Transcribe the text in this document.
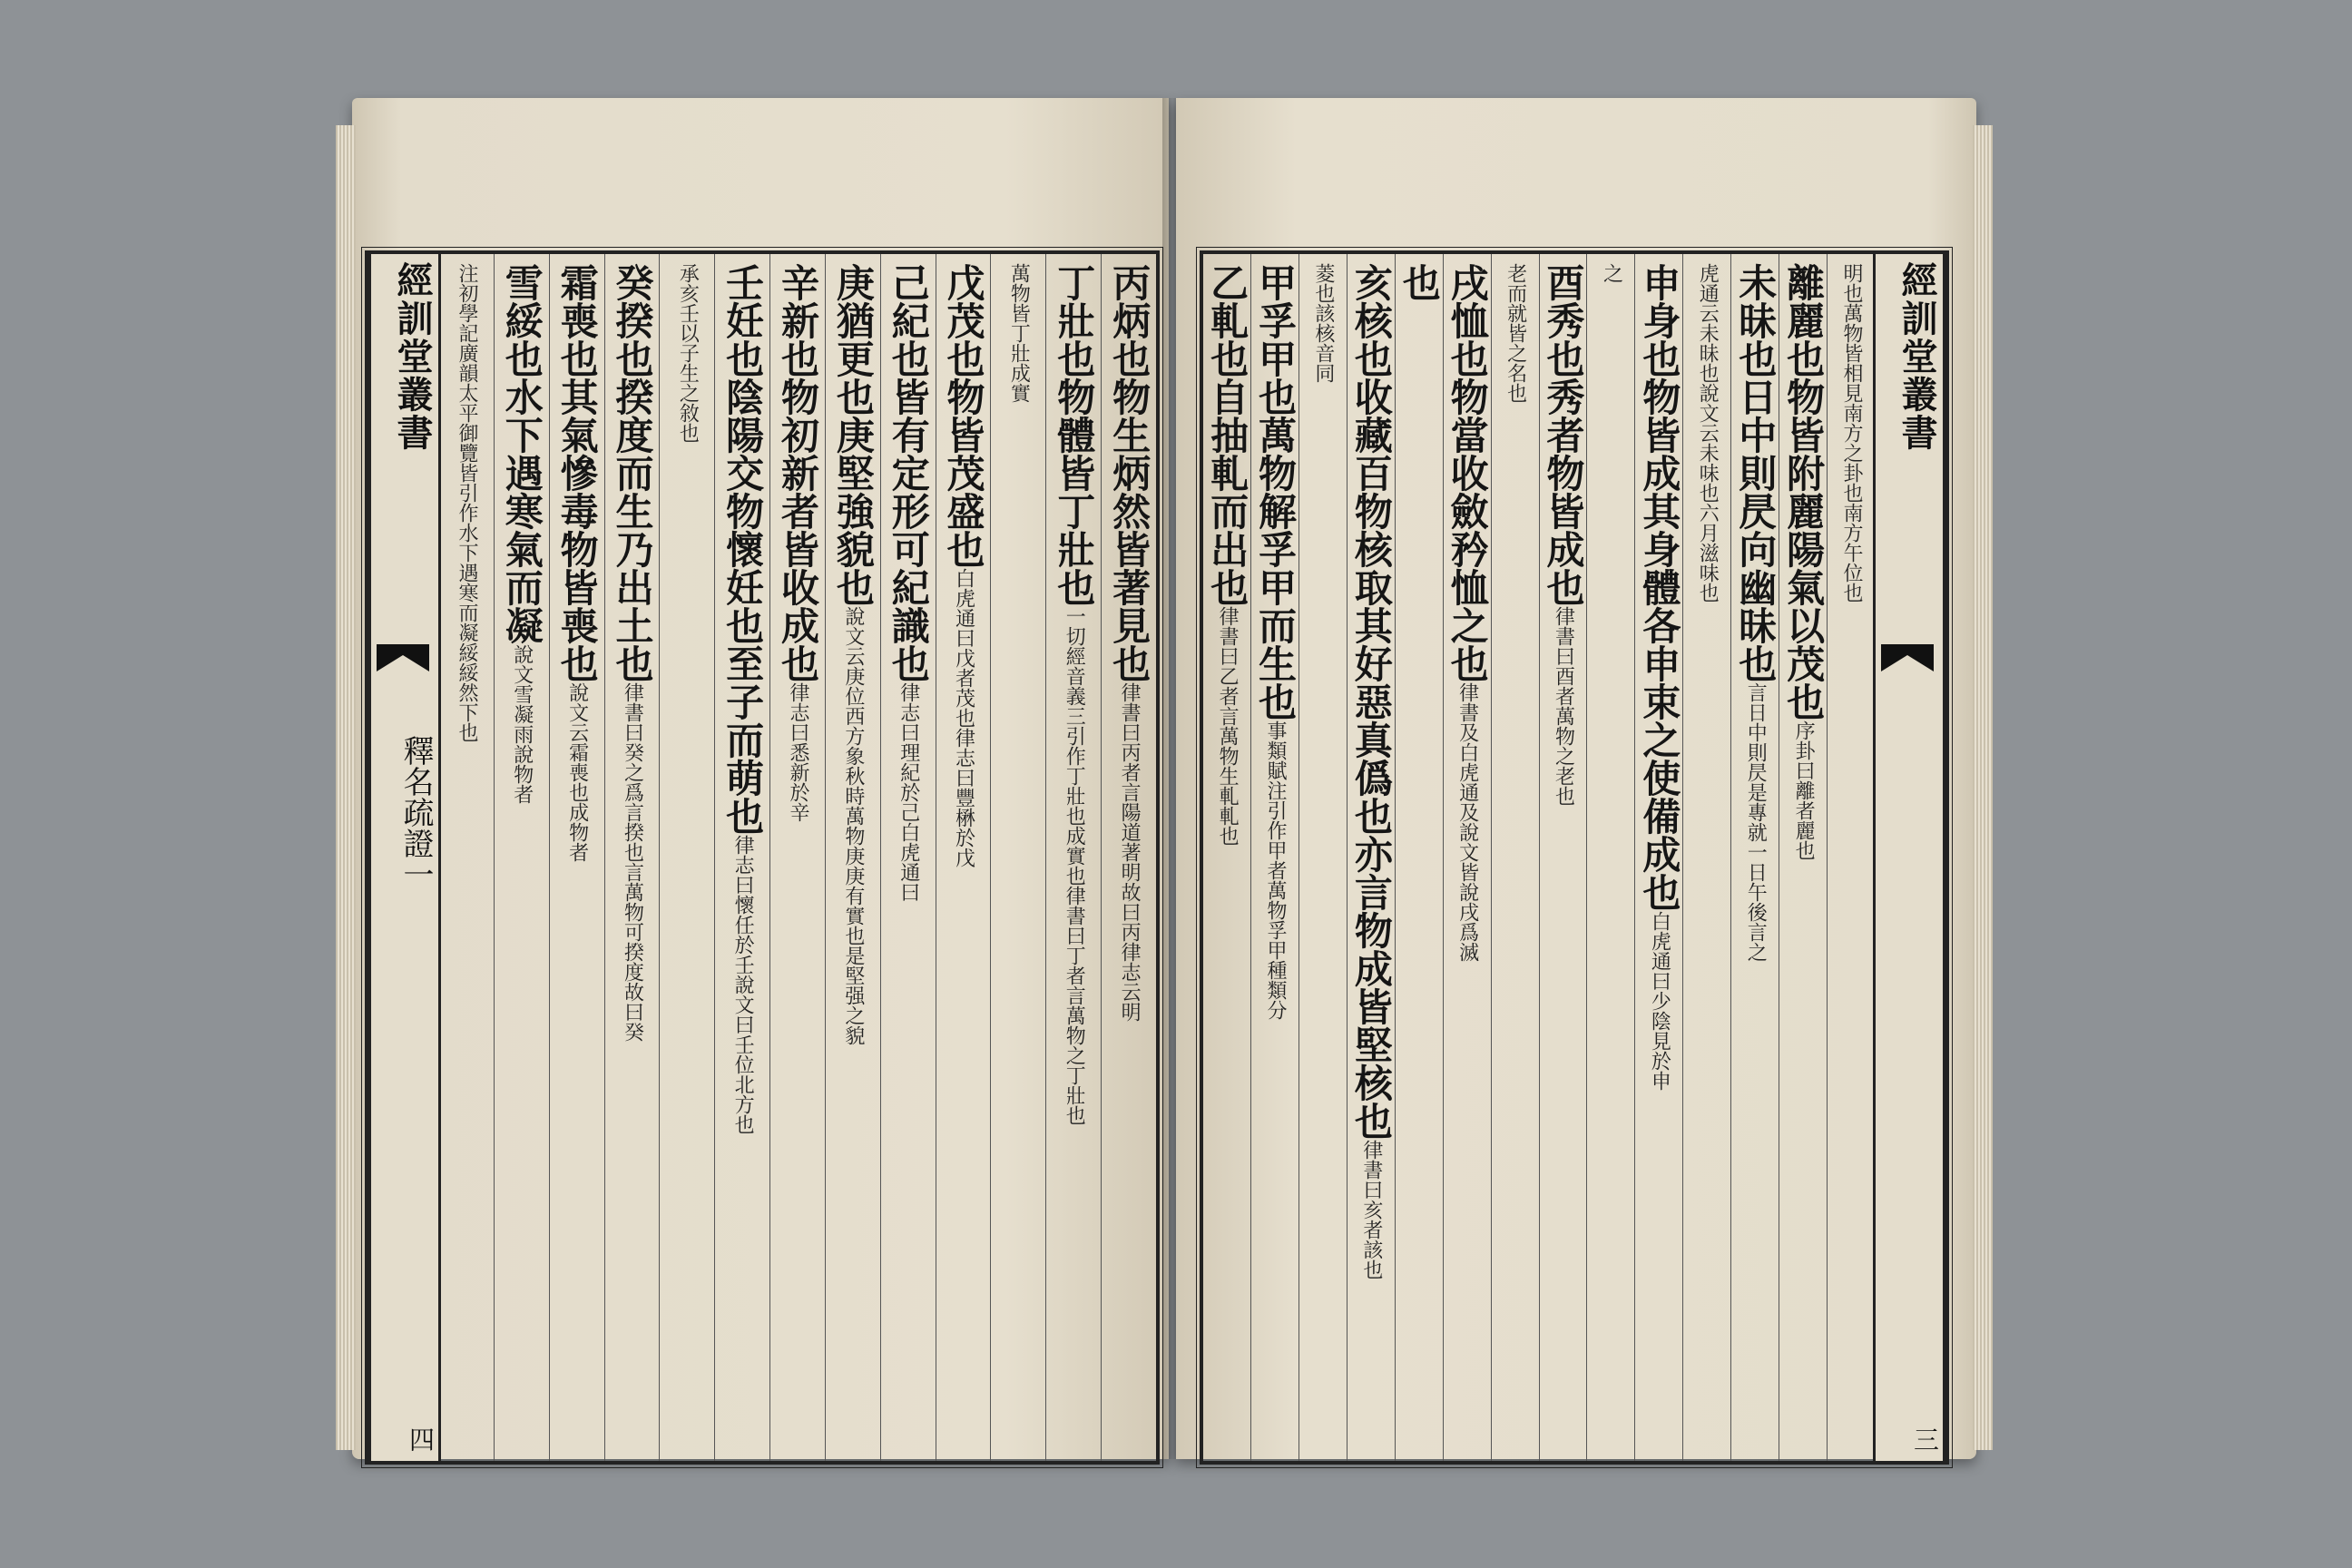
經訓堂叢書
釋名疏證一
四
丙炳也物生炳然皆著見也
律書曰丙者言陽道著明故曰丙律志云明
丁壯也物體皆丁壯也
一切經音義三引作丁壯也成實也律書曰丁者言萬物之丁壯也
萬物皆丁壯成實
戊茂也物皆茂盛也
白虎通曰戊者茂也律志曰豐楙於戊
己紀也皆有定形可紀識也
律志曰理紀於己白虎通曰
庚猶更也庚堅強貌也
說文云庚位西方象秋時萬物庚庚有實也是堅强之貌
辛新也物初新者皆收成也
律志曰悉新於辛
壬妊也陰陽交物懷妊也至子而萌也
律志曰懷任於壬說文曰壬位北方也
承亥壬以子生之敘也
癸揆也揆度而生乃出土也
律書曰癸之爲言揆也言萬物可揆度故曰癸
霜喪也其氣慘毒物皆喪也
說文云霜喪也成物者
雪綏也水下遇寒氣而凝
說文雪凝雨說物者
注初學記廣韻太平御覽皆引作水下遇寒而凝綏綏然下也	經訓堂叢書
三
明也萬物皆相見南方之卦也南方午位也
離麗也物皆附麗陽氣以茂也
序卦曰離者麗也
未昧也日中則昃向幽昧也
言日中則昃是專就一日午後言之
虎通云未昧也說文云未味也六月滋味也
申身也物皆成其身體各申束之使備成也
白虎通曰少陰見於申
之
酉秀也秀者物皆成也
律書曰酉者萬物之老也
老而就皆之名也
戌恤也物當收斂矜恤之也
律書及白虎通及說文皆說戌爲滅
也
亥核也收藏百物核取其好惡真僞也亦言物成皆堅核也
律書曰亥者該也
菱也該核音同
甲孚甲也萬物解孚甲而生也
事類賦注引作甲者萬物孚甲種類分
乙軋也自抽軋而出也
律書曰乙者言萬物生軋軋也
